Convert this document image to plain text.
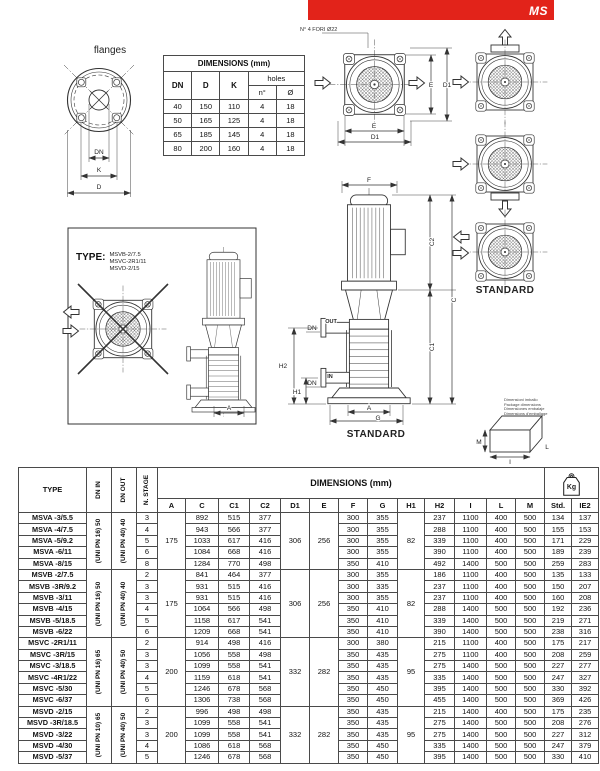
MS
flanges
DN
K
D
N° 4 FORI Ø22
E
D1
E D1
A
F
C2
C1
C
OUT
DN
IN
DN
H2
H1
A
G
M
I
L
DIMENSIONS (mm)				
DN	D	K	holes	
			n°	Ø
40	150	110	4	18
50	165	125	4	18
65	185	145	4	18
80	200	160	4	18
TYPE: MSVB-2/7.5
MSVC-2R1/11
MSVD-2/15
STANDARD
STANDARD
Dimensioni imballo
Package dimensions
Dimensiones embalaje
Dimensions d'emballage
TYPE	DN IN	DN OUT	N. STAGE	DIMENSIONS (mm)													Kg	

				A	C	C1	C2	D1	E	F	G	H1	H2	I	L	M	Std.	IE2
MSVA -3/5.5	(UNI PN 16) 50	(UNI PN 40) 40	3	175	892	515	377	306	256	300	355	82	237	1100	400	500	134	137
MSVA -4/7.5			4		943	566	377			300	355		288	1100	400	500	155	153
MSVA -5/9.2			5		1033	617	416			300	355		339	1100	400	500	171	229
MSVA -6/11			6		1084	668	416			300	355		390	1100	400	500	189	239
MSVA -8/15			8		1284	770	498			350	410		492	1400	500	500	259	283
MSVB -2/7.5	(UNI PN 16) 50	(UNI PN 40) 40	2	175	841	464	377	306	256	300	355	82	186	1100	400	500	135	133
MSVB -3R/9.2			3		931	515	416			300	335		237	1100	400	500	150	207
MSVB -3/11			3		931	515	416			300	355		237	1100	400	500	160	208
MSVB -4/15			4		1064	566	498			350	410		288	1400	500	500	192	236
MSVB -5/18.5			5		1158	617	541			350	410		339	1400	500	500	219	271
MSVB -6/22			6		1209	668	541			350	410		390	1400	500	500	238	316
MSVC -2R1/11	(UNI PN 16) 65	(UNI PN 40) 50	2	200	914	498	416	332	282	300	380	95	215	1100	400	500	175	217
MSVC -3R/15			3		1056	558	498			350	435		275	1100	400	500	208	259
MSVC -3/18.5			3		1099	558	541			350	435		275	1400	500	500	227	277
MSVC -4R1/22			4		1159	618	541			350	435		335	1400	500	500	247	327
MSVC -5/30			5		1246	678	568			350	450		395	1400	500	500	330	392
MSVC -6/37			6		1306	738	568			350	450		455	1400	500	500	369	426
MSVD -2/15	(UNI PN 10) 65	(UNI PN 40) 50	2	200	996	498	498	332	282	350	435	95	215	1400	400	500	175	235
MSVD -3R/18.5			3		1099	558	541			350	435		275	1400	500	500	208	276
MSVD -3/22			3		1099	558	541			350	435		275	1400	500	500	227	312
MSVD -4/30			4		1086	618	568			350	450		335	1400	500	500	247	379
MSVD -5/37			5		1246	678	568			350	450		395	1400	500	500	330	410
